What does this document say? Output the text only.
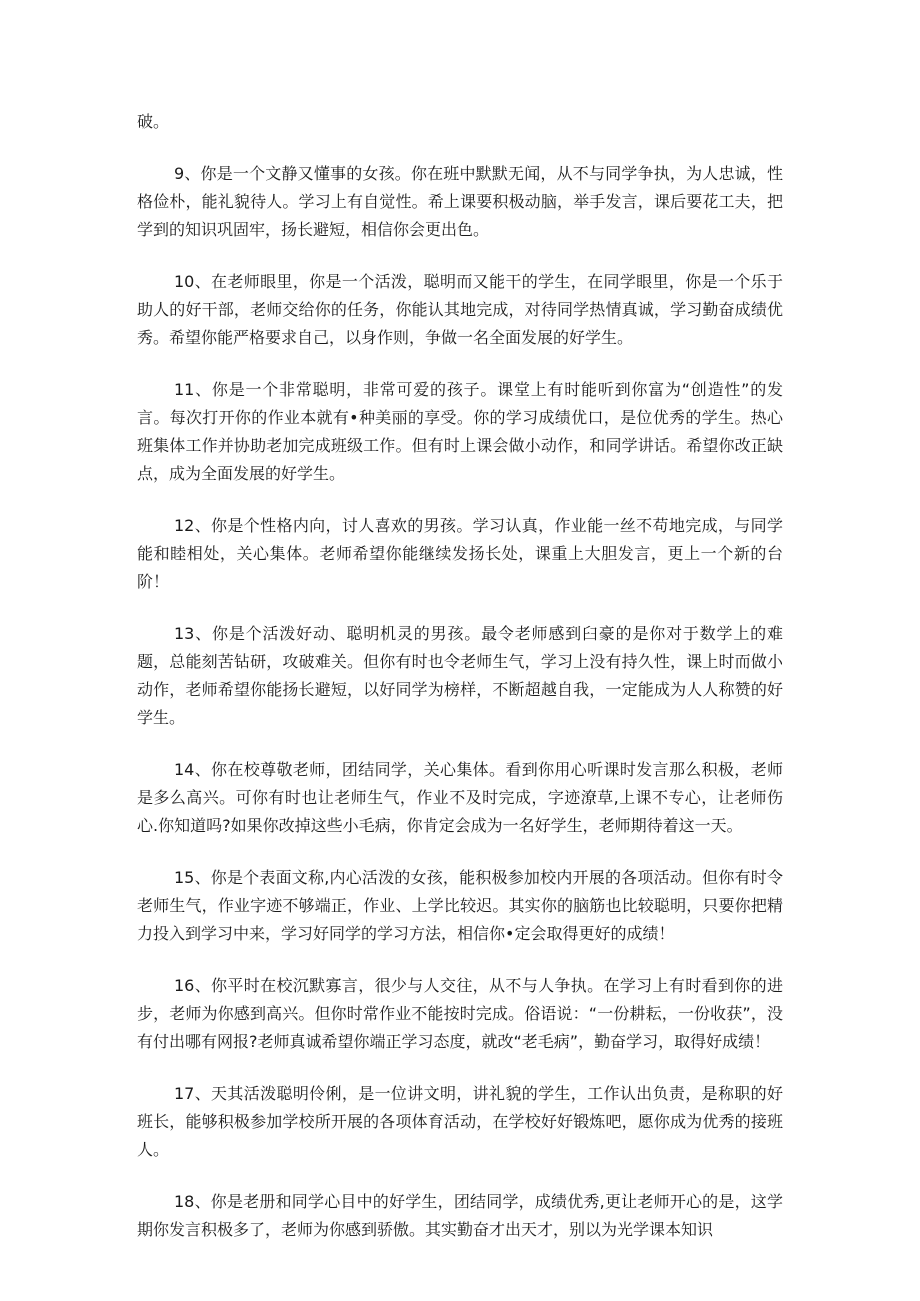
破。

9、你是一个文静又懂事的女孩。你在班中默默无闻，从不与同学争执，为人忠诚，性格俭朴，能礼貌待人。学习上有自觉性。希上课要积极动脑，举手发言，课后要花工夫，把学到的知识巩固牢，扬长避短，相信你会更出色。

10、在老师眼里，你是一个活泼，聪明而又能干的学生，在同学眼里，你是一个乐于助人的好干部，老师交给你的任务，你能认其地完成，对待同学热情真诚，学习勤奋成绩优秀。希望你能严格要求自己，以身作则，争做一名全面发展的好学生。

11、你是一个非常聪明，非常可爱的孩子。课堂上有时能听到你富为“创造性”的发言。每次打开你的作业本就有•种美丽的享受。你的学习成绩优口，是位优秀的学生。热心班集体工作并协助老加完成班级工作。但有时上课会做小动作，和同学讲话。希望你改正缺点，成为全面发展的好学生。

12、你是个性格内向，讨人喜欢的男孩。学习认真，作业能一丝不苟地完成，与同学能和睦相处，关心集体。老师希望你能继续发扬长处，课重上大胆发言，更上一个新的台阶！

13、你是个活泼好动、聪明机灵的男孩。最令老师感到臼豪的是你对于数学上的难题，总能刻苦钻研，攻破难关。但你有时也令老师生气，学习上没有持久性，课上时而做小动作，老师希望你能扬长避短，以好同学为榜样，不断超越自我，一定能成为人人称赞的好学生。

14、你在校尊敬老师，团结同学，关心集体。看到你用心听课时发言那么积极，老师是多么高兴。可你有时也让老师生气，作业不及时完成，字迹潦草,上课不专心，让老师伤心.你知道吗?如果你改掉这些小毛病，你肯定会成为一名好学生，老师期待着这一天。

15、你是个表面文称,内心活泼的女孩，能积极参加校内开展的各项活动。但你有时令老师生气，作业字迹不够端正，作业、上学比较迟。其实你的脑筋也比较聪明，只要你把精力投入到学习中来，学习好同学的学习方法，相信你•定会取得更好的成绩！

16、你平时在校沉默寡言，很少与人交往，从不与人争执。在学习上有时看到你的进步，老师为你感到高兴。但你时常作业不能按时完成。俗语说：“一份耕耘，一份收获”，没有付出哪有网报?老师真诚希望你端正学习态度，就改“老毛病”，勤奋学习，取得好成绩！

17、天其活泼聪明伶俐，是一位讲文明，讲礼貌的学生，工作认出负责，是称职的好班长，能够积极参加学校所开展的各项体育活动，在学校好好锻炼吧，愿你成为优秀的接班人。

18、你是老册和同学心目中的好学生，团结同学，成绩优秀,更让老师开心的是，这学期你发言积极多了，老师为你感到骄傲。其实勤奋才出天才，别以为光学课本知识
